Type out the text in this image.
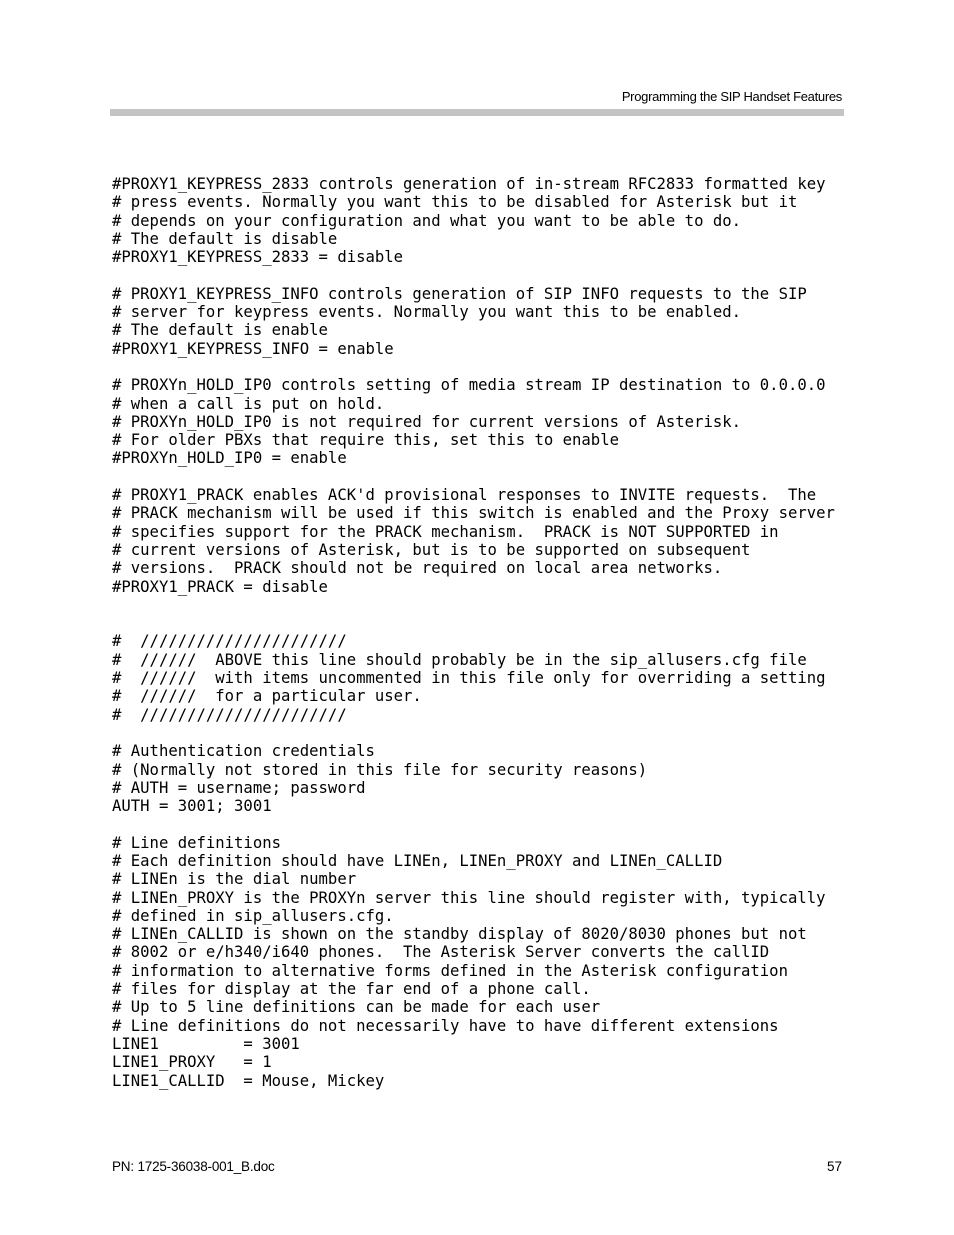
Programming the SIP Handset Features
#PROXY1_KEYPRESS_2833 controls generation of in-stream RFC2833 formatted key
# press events. Normally you want this to be disabled for Asterisk but it
# depends on your configuration and what you want to be able to do.
# The default is disable
#PROXY1_KEYPRESS_2833 = disable
# PROXY1_KEYPRESS_INFO controls generation of SIP INFO requests to the SIP
# server for keypress events. Normally you want this to be enabled.
# The default is enable
#PROXY1_KEYPRESS_INFO = enable
# PROXYn_HOLD_IP0 controls setting of media stream IP destination to 0.0.0.0
# when a call is put on hold.
# PROXYn_HOLD_IP0 is not required for current versions of Asterisk.
# For older PBXs that require this, set this to enable
#PROXYn_HOLD_IP0 = enable
# PROXY1_PRACK enables ACK'd provisional responses to INVITE requests.  The
# PRACK mechanism will be used if this switch is enabled and the Proxy server
# specifies support for the PRACK mechanism.  PRACK is NOT SUPPORTED in
# current versions of Asterisk, but is to be supported on subsequent
# versions.  PRACK should not be required on local area networks.
#PROXY1_PRACK = disable
#  //////////////////////
#  //////  ABOVE this line should probably be in the sip_allusers.cfg file
#  //////  with items uncommented in this file only for overriding a setting
#  //////  for a particular user.
#  //////////////////////
# Authentication credentials
# (Normally not stored in this file for security reasons)
# AUTH = username; password
AUTH = 3001; 3001
# Line definitions
# Each definition should have LINEn, LINEn_PROXY and LINEn_CALLID
# LINEn is the dial number
# LINEn_PROXY is the PROXYn server this line should register with, typically
# defined in sip_allusers.cfg.
# LINEn_CALLID is shown on the standby display of 8020/8030 phones but not
# 8002 or e/h340/i640 phones.  The Asterisk Server converts the callID
# information to alternative forms defined in the Asterisk configuration
# files for display at the far end of a phone call.
# Up to 5 line definitions can be made for each user
# Line definitions do not necessarily have to have different extensions
LINE1         = 3001
LINE1_PROXY   = 1
LINE1_CALLID  = Mouse, Mickey
PN: 1725-36038-001_B.doc	57
